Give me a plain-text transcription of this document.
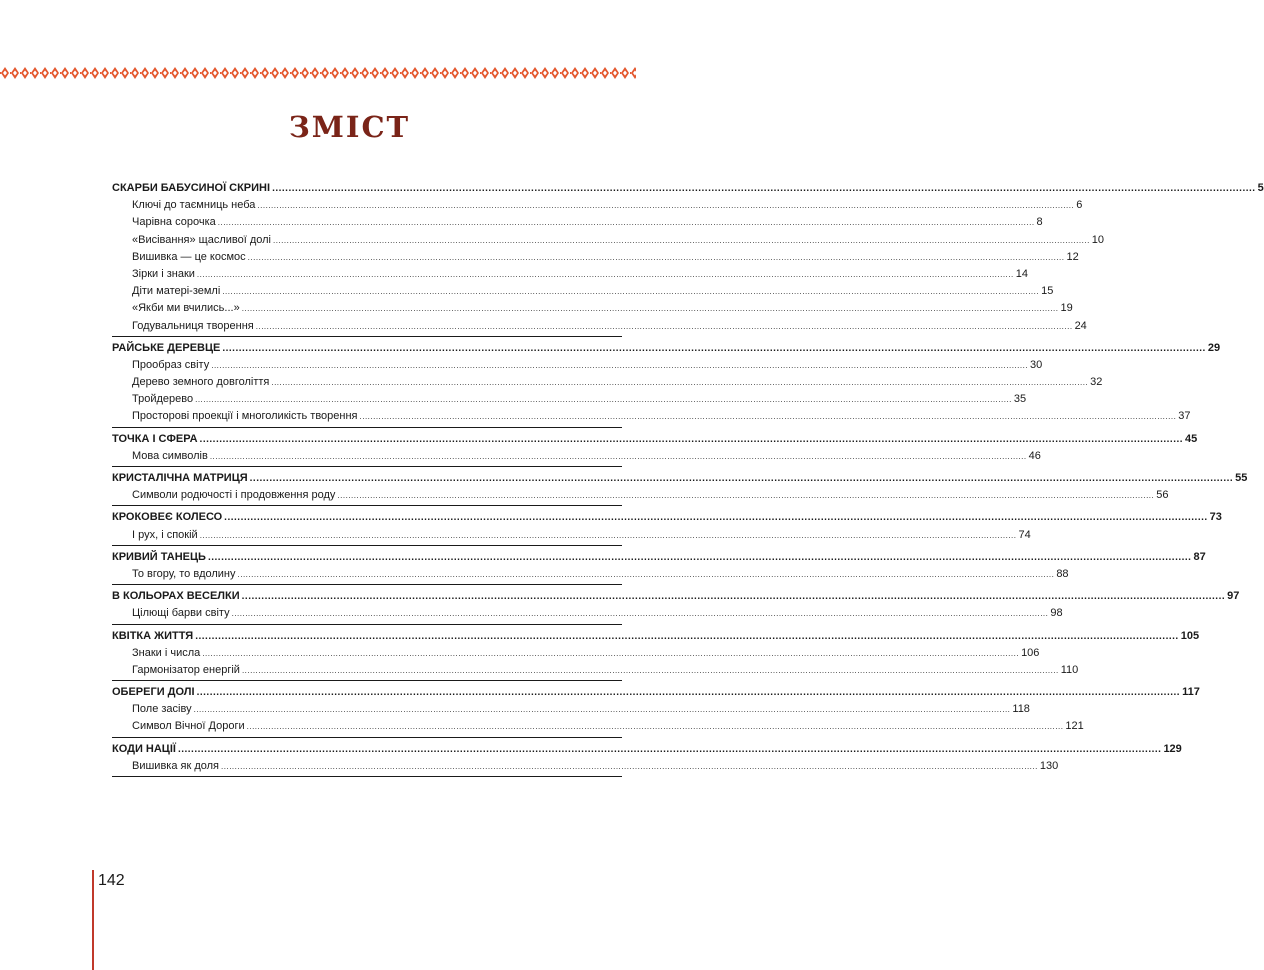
зміст
СКАРБИ БАБУСИНОЇ СКРИНІ ............................................................................................................................................................................................................................................................................................................ 5
Ключі до таємниць неба ............................................................................................................................................................................................................................................................................................................ 6
Чарівна сорочка ............................................................................................................................................................................................................................................................................................................ 8
«Висівання» щасливої долі ............................................................................................................................................................................................................................................................................................................ 10
Вишивка — це космос ............................................................................................................................................................................................................................................................................................................ 12
Зірки і знаки ............................................................................................................................................................................................................................................................................................................ 14
Діти матері-землі ............................................................................................................................................................................................................................................................................................................ 15
«Якби ми вчились...» ............................................................................................................................................................................................................................................................................................................ 19
Годувальниця творення ............................................................................................................................................................................................................................................................................................................ 24
РАЙСЬКЕ ДЕРЕВЦЕ ............................................................................................................................................................................................................................................................................................................ 29
Прообраз світу ............................................................................................................................................................................................................................................................................................................ 30
Дерево земного довголіття ............................................................................................................................................................................................................................................................................................................ 32
Тройдерево ............................................................................................................................................................................................................................................................................................................ 35
Просторові проекції і многоликість творення ............................................................................................................................................................................................................................................................................................................ 37
ТОЧКА І СФЕРА ............................................................................................................................................................................................................................................................................................................ 45
Мова символів ............................................................................................................................................................................................................................................................................................................ 46
КРИСТАЛІЧНА МАТРИЦЯ ............................................................................................................................................................................................................................................................................................................ 55
Символи родючості і продовження роду ............................................................................................................................................................................................................................................................................................................ 56
КРОКОВЕЄ КОЛЕСО ............................................................................................................................................................................................................................................................................................................ 73
І рух, і спокій ............................................................................................................................................................................................................................................................................................................ 74
КРИВИЙ ТАНЕЦЬ ............................................................................................................................................................................................................................................................................................................ 87
То вгору, то вдолину ............................................................................................................................................................................................................................................................................................................ 88
В КОЛЬОРАХ ВЕСЕЛКИ ............................................................................................................................................................................................................................................................................................................ 97
Цілющі барви світу ............................................................................................................................................................................................................................................................................................................ 98
КВІТКА ЖИТТЯ ............................................................................................................................................................................................................................................................................................................ 105
Знаки і числа ............................................................................................................................................................................................................................................................................................................ 106
Гармонізатор енергій ............................................................................................................................................................................................................................................................................................................ 110
ОБЕРЕГИ ДОЛІ ............................................................................................................................................................................................................................................................................................................ 117
Поле засіву ............................................................................................................................................................................................................................................................................................................ 118
Символ Вічної Дороги ............................................................................................................................................................................................................................................................................................................ 121
КОДИ НАЦІЇ ............................................................................................................................................................................................................................................................................................................ 129
Вишивка як доля ............................................................................................................................................................................................................................................................................................................ 130
142
